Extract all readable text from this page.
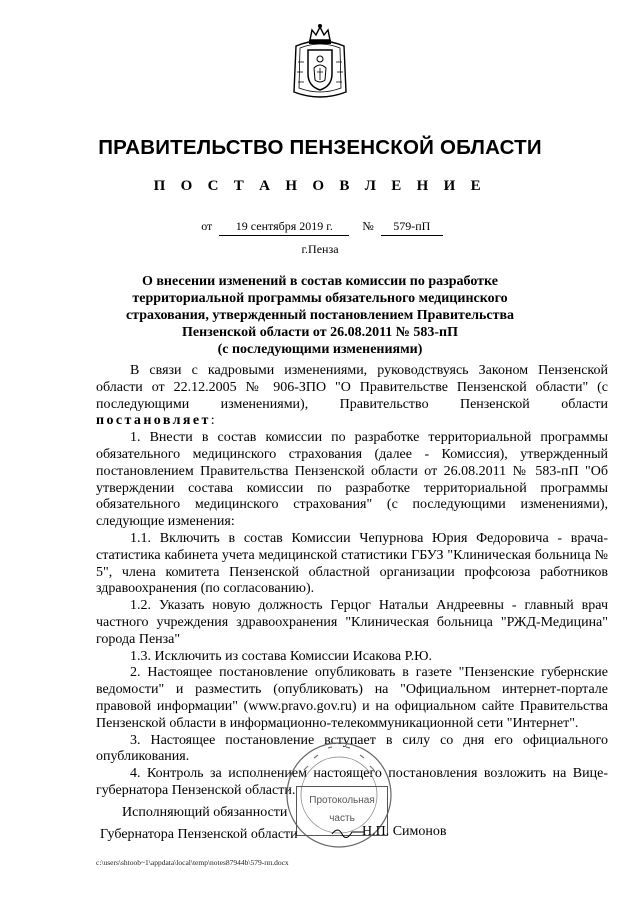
ПРАВИТЕЛЬСТВО ПЕНЗЕНСКОЙ ОБЛАСТИ
П О С Т А Н О В Л Е Н И Е
от 19 сентября 2019 г. № 579-пП
г.Пенза
О внесении изменений в состав комиссии по разработке
территориальной программы обязательного медицинского
страхования, утвержденный постановлением Правительства
Пензенской области от 26.08.2011 № 583-пП
(с последующими изменениями)

В связи с кадровыми изменениями, руководствуясь Законом Пензенской области от 22.12.2005 № 906-ЗПО "О Правительстве Пензенской области" (с последующими изменениями), Правительство Пензенской области постановляет:

1. Внести в состав комиссии по разработке территориальной программы обязательного медицинского страхования (далее - Комиссия), утвержденный постановлением Правительства Пензенской области от 26.08.2011 № 583-пП "Об утверждении состава комиссии по разработке территориальной программы обязательного медицинского страхования" (с последующими изменениями), следующие изменения:

1.1. Включить в состав Комиссии Чепурнова Юрия Федоровича - врача-статистика кабинета учета медицинской статистики ГБУЗ "Клиническая больница № 5", члена комитета Пензенской областной организации профсоюза работников здравоохранения (по согласованию).

1.2. Указать новую должность Герцог Натальи Андреевны - главный врач частного учреждения здравоохранения "Клиническая больница "РЖД-Медицина" города Пенза"

1.3. Исключить из состава Комиссии Исакова Р.Ю.

2. Настоящее постановление опубликовать в газете "Пензенские губернские ведомости" и разместить (опубликовать) на "Официальном интернет-портале правовой информации" (www.pravo.gov.ru) и на официальном сайте Правительства Пензенской области в информационно-телекоммуникационной сети "Интернет".

3. Настоящее постановление вступает в силу со дня его официального опубликования.

4. Контроль за исполнением настоящего постановления возложить на Вице-губернатора Пензенской области.

Протокольная
часть
Исполняющий обязанности
Губернатора Пензенской области	Н.П. Симонов
c:\users\shtoob~1\appdata\local\temp\notes87944b\579-пп.docx
